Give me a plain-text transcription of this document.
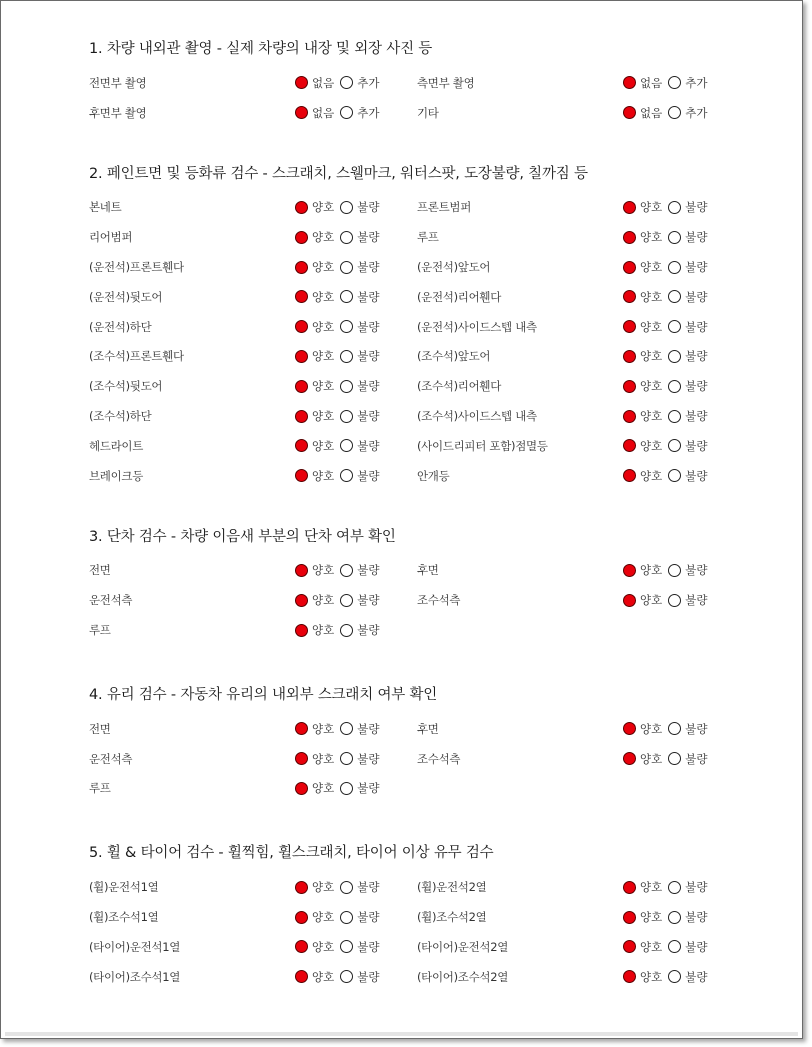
1. 차량 내외관 촬영 - 실제 차량의 내장 및 외장 사진 등
전면부 촬영	없음 추가	측면부 촬영	없음 추가
후면부 촬영	없음 추가	기타	없음 추가
2. 페인트면 및 등화류 검수 - 스크래치, 스웰마크, 워터스팟, 도장불량, 칠까짐 등
본네트	양호 불량	프론트범퍼	양호 불량
리어범퍼	양호 불량	루프	양호 불량
(운전석)프론트휀다	양호 불량	(운전석)앞도어	양호 불량
(운전석)뒷도어	양호 불량	(운전석)리어휀다	양호 불량
(운전석)하단	양호 불량	(운전석)사이드스텝 내측	양호 불량
(조수석)프론트휀다	양호 불량	(조수석)앞도어	양호 불량
(조수석)뒷도어	양호 불량	(조수석)리어휀다	양호 불량
(조수석)하단	양호 불량	(조수석)사이드스텝 내측	양호 불량
헤드라이트	양호 불량	(사이드리피터 포함)점멸등	양호 불량
브레이크등	양호 불량	안개등	양호 불량
3. 단차 검수 - 차량 이음새 부분의 단차 여부 확인
전면	양호 불량	후면	양호 불량
운전석측	양호 불량	조수석측	양호 불량
루프	양호 불량
4. 유리 검수 - 자동차 유리의 내외부 스크래치 여부 확인
전면	양호 불량	후면	양호 불량
운전석측	양호 불량	조수석측	양호 불량
루프	양호 불량
5. 휠 & 타이어 검수 - 휠찍힘, 휠스크래치, 타이어 이상 유무 검수
(휠)운전석1열	양호 불량	(휠)운전석2열	양호 불량
(휠)조수석1열	양호 불량	(휠)조수석2열	양호 불량
(타이어)운전석1열	양호 불량	(타이어)운전석2열	양호 불량
(타이어)조수석1열	양호 불량	(타이어)조수석2열	양호 불량
